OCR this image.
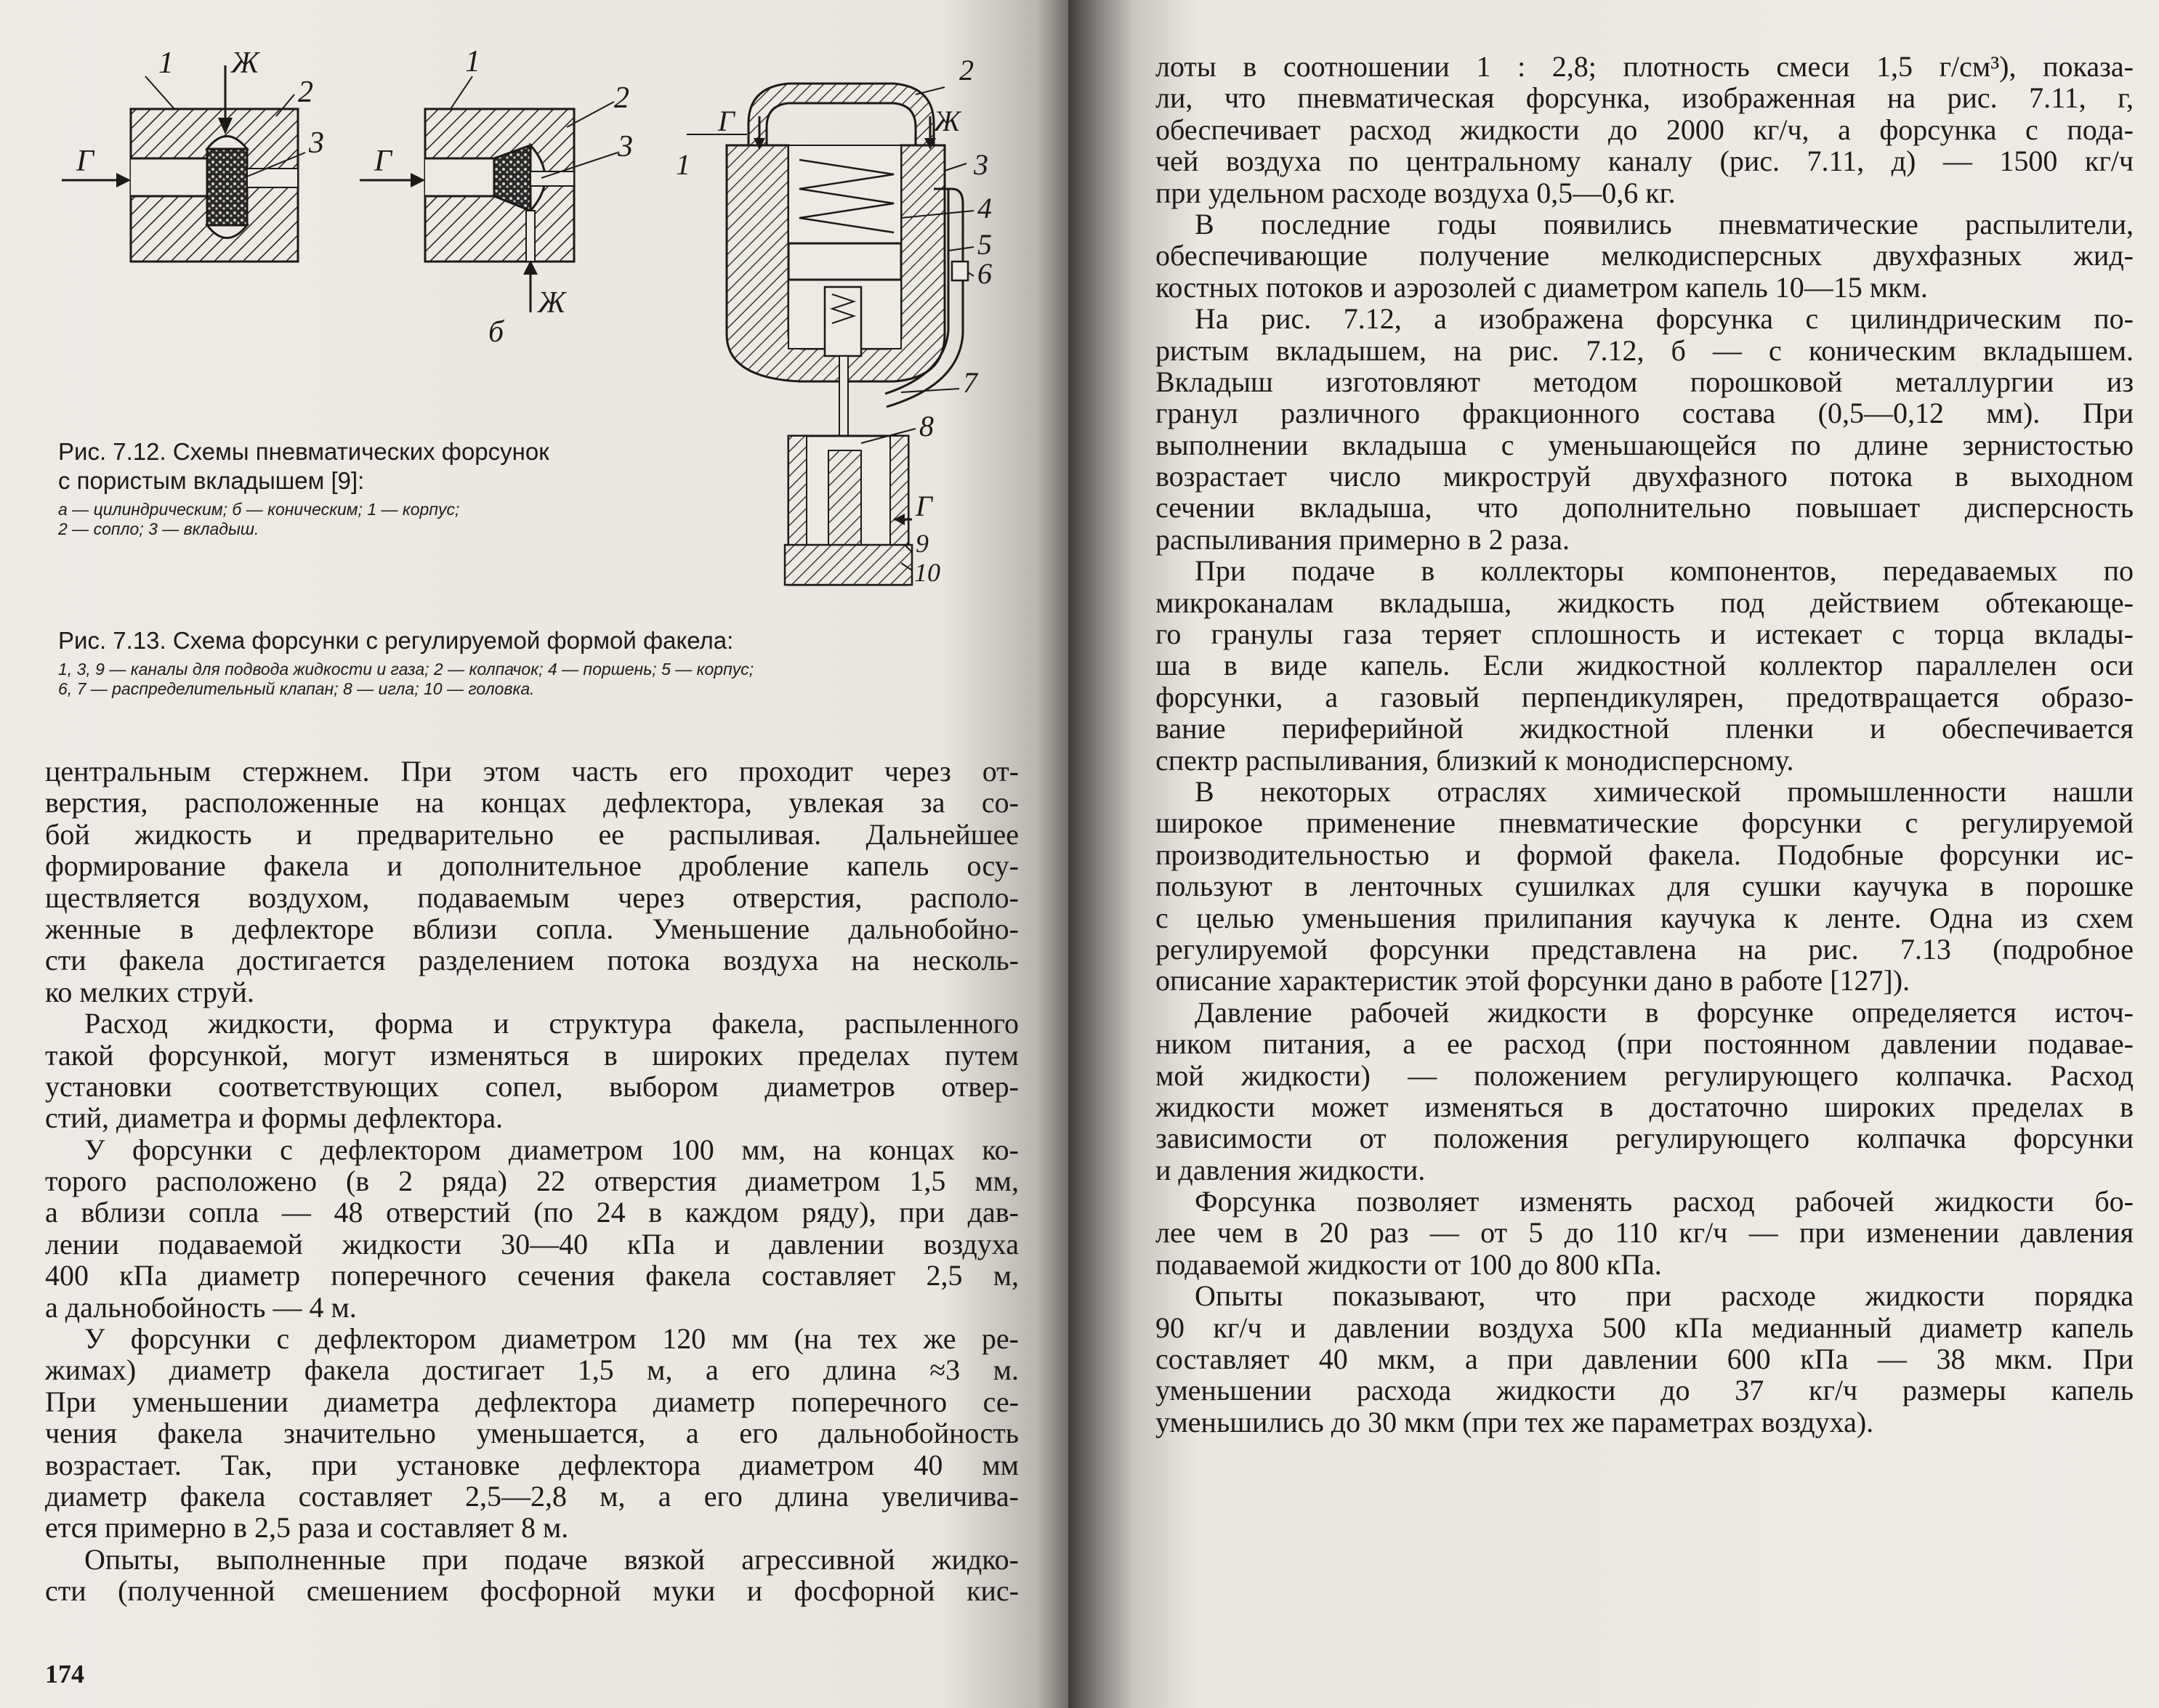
1 Ж
2
3
Г
1
2
3
Г
Ж
б
1
Г
2
Ж
3
4
5
6
7
8
Г
9
10
Рис. 7.12. Схемы пневматических форсунок
с пористым вкладышем [9]:
а — цилиндрическим; б — коническим; 1 — корпус;
2 — сопло; 3 — вкладыш.
Рис. 7.13. Схема форсунки с регулируемой формой факела:
1, 3, 9 — каналы для подвода жидкости и газа; 2 — колпачок; 4 — поршень; 5 — корпус;
6, 7 — распределительный клапан; 8 — игла; 10 — головка.
центральным стержнем. При этом часть его проходит через от-
верстия, расположенные на концах дефлектора, увлекая за со-
бой жидкость и предварительно ее распыливая. Дальнейшее
формирование факела и дополнительное дробление капель осу-
ществляется воздухом, подаваемым через отверстия, располо-
женные в дефлекторе вблизи сопла. Уменьшение дальнобойно-
сти факела достигается разделением потока воздуха на несколь-
ко мелких струй.
Расход жидкости, форма и структура факела, распыленного
такой форсункой, могут изменяться в широких пределах путем
установки соответствующих сопел, выбором диаметров отвер-
стий, диаметра и формы дефлектора.
У форсунки с дефлектором диаметром 100 мм, на концах ко-
торого расположено (в 2 ряда) 22 отверстия диаметром 1,5 мм,
а вблизи сопла — 48 отверстий (по 24 в каждом ряду), при дав-
лении подаваемой жидкости 30—40 кПа и давлении воздуха
400 кПа диаметр поперечного сечения факела составляет 2,5 м,
а дальнобойность — 4 м.
У форсунки с дефлектором диаметром 120 мм (на тех же ре-
жимах) диаметр факела достигает 1,5 м, а его длина ≈3 м.
При уменьшении диаметра дефлектора диаметр поперечного се-
чения факела значительно уменьшается, а его дальнобойность
возрастает. Так, при установке дефлектора диаметром 40 мм
диаметр факела составляет 2,5—2,8 м, а его длина увеличива-
ется примерно в 2,5 раза и составляет 8 м.
Опыты, выполненные при подаче вязкой агрессивной жидко-
сти (полученной смешением фосфорной муки и фосфорной кис-
174
лоты в соотношении 1 : 2,8; плотность смеси 1,5 г/см³), показа-
ли, что пневматическая форсунка, изображенная на рис. 7.11, г,
обеспечивает расход жидкости до 2000 кг/ч, а форсунка с пода-
чей воздуха по центральному каналу (рис. 7.11, д) — 1500 кг/ч
при удельном расходе воздуха 0,5—0,6 кг.
В последние годы появились пневматические распылители,
обеспечивающие получение мелкодисперсных двухфазных жид-
костных потоков и аэрозолей с диаметром капель 10—15 мкм.
На рис. 7.12, а изображена форсунка с цилиндрическим по-
ристым вкладышем, на рис. 7.12, б — с коническим вкладышем.
Вкладыш изготовляют методом порошковой металлургии из
гранул различного фракционного состава (0,5—0,12 мм). При
выполнении вкладыша с уменьшающейся по длине зернистостью
возрастает число микроструй двухфазного потока в выходном
сечении вкладыша, что дополнительно повышает дисперсность
распыливания примерно в 2 раза.
При подаче в коллекторы компонентов, передаваемых по
микроканалам вкладыша, жидкость под действием обтекающе-
го гранулы газа теряет сплошность и истекает с торца вклады-
ша в виде капель. Если жидкостной коллектор параллелен оси
форсунки, а газовый перпендикулярен, предотвращается образо-
вание периферийной жидкостной пленки и обеспечивается
спектр распыливания, близкий к монодисперсному.
В некоторых отраслях химической промышленности нашли
широкое применение пневматические форсунки с регулируемой
производительностью и формой факела. Подобные форсунки ис-
пользуют в ленточных сушилках для сушки каучука в порошке
с целью уменьшения прилипания каучука к ленте. Одна из схем
регулируемой форсунки представлена на рис. 7.13 (подробное
описание характеристик этой форсунки дано в работе [127]).
Давление рабочей жидкости в форсунке определяется источ-
ником питания, а ее расход (при постоянном давлении подавае-
мой жидкости) — положением регулирующего колпачка. Расход
жидкости может изменяться в достаточно широких пределах в
зависимости от положения регулирующего колпачка форсунки
и давления жидкости.
Форсунка позволяет изменять расход рабочей жидкости бо-
лее чем в 20 раз — от 5 до 110 кг/ч — при изменении давления
подаваемой жидкости от 100 до 800 кПа.
Опыты показывают, что при расходе жидкости порядка
90 кг/ч и давлении воздуха 500 кПа медианный диаметр капель
составляет 40 мкм, а при давлении 600 кПа — 38 мкм. При
уменьшении расхода жидкости до 37 кг/ч размеры капель
уменьшились до 30 мкм (при тех же параметрах воздуха).
